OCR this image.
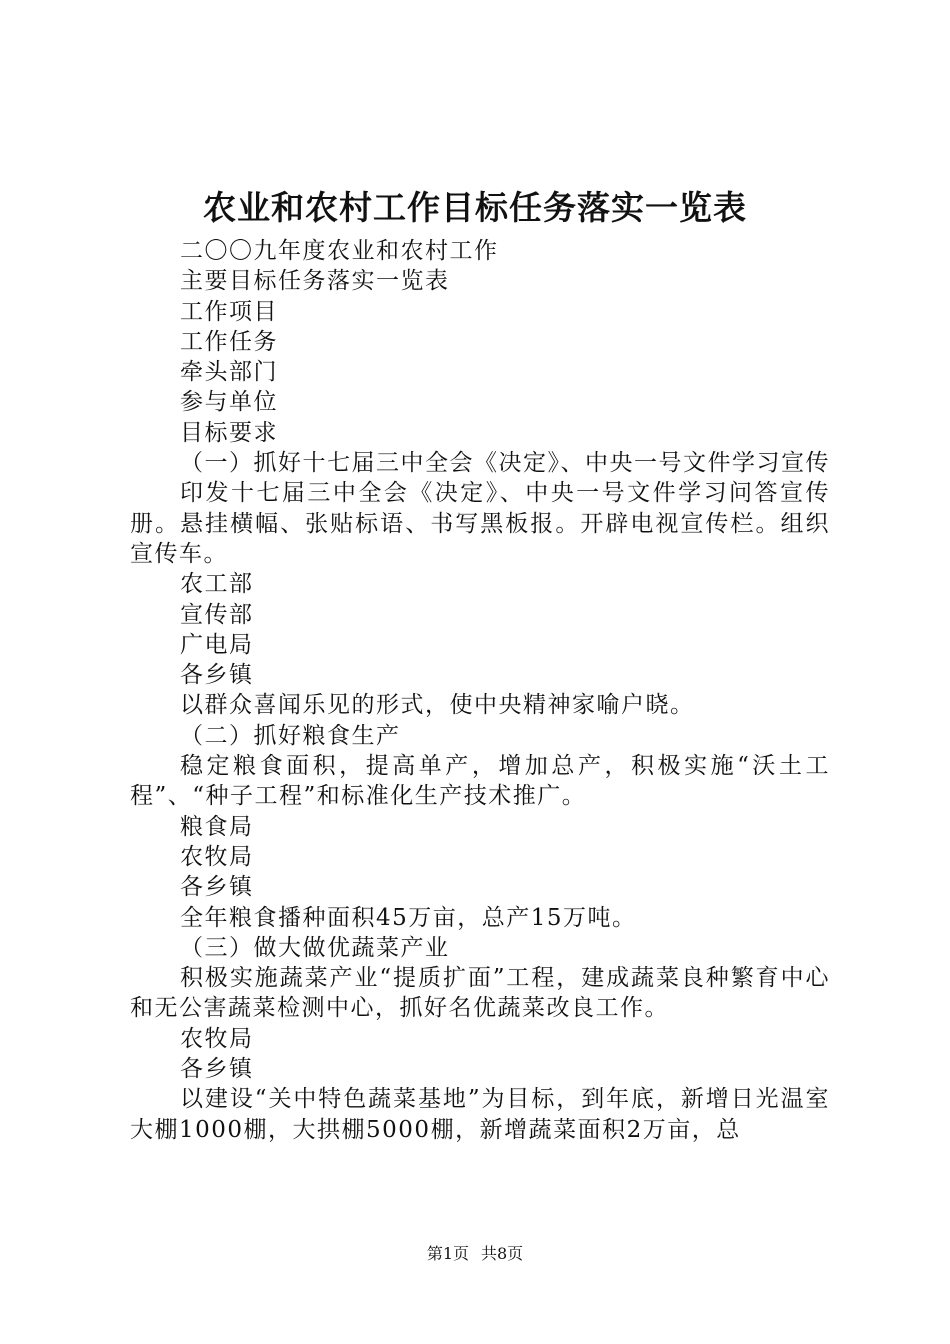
农业和农村工作目标任务落实一览表

二〇〇九年度农业和农村工作

主要目标任务落实一览表

工作项目

工作任务

牵头部门

参与单位

目标要求

（一）抓好十七届三中全会《决定》、中央一号文件学习宣传

印发十七届三中全会《决定》、中央一号文件学习问答宣传册。悬挂横幅、张贴标语、书写黑板报。开辟电视宣传栏。组织宣传车。

农工部

宣传部

广电局

各乡镇

以群众喜闻乐见的形式，使中央精神家喻户晓。

（二）抓好粮食生产

稳定粮食面积，提高单产，增加总产，积极实施“沃土工程”、“种子工程”和标准化生产技术推广。

粮食局

农牧局

各乡镇

全年粮食播种面积45万亩，总产15万吨。

（三）做大做优蔬菜产业

积极实施蔬菜产业“提质扩面”工程，建成蔬菜良种繁育中心和无公害蔬菜检测中心，抓好名优蔬菜改良工作。

农牧局

各乡镇

以建设“关中特色蔬菜基地”为目标，到年底，新增日光温室大棚1000棚，大拱棚5000棚，新增蔬菜面积2万亩，总

第1页 共8页
